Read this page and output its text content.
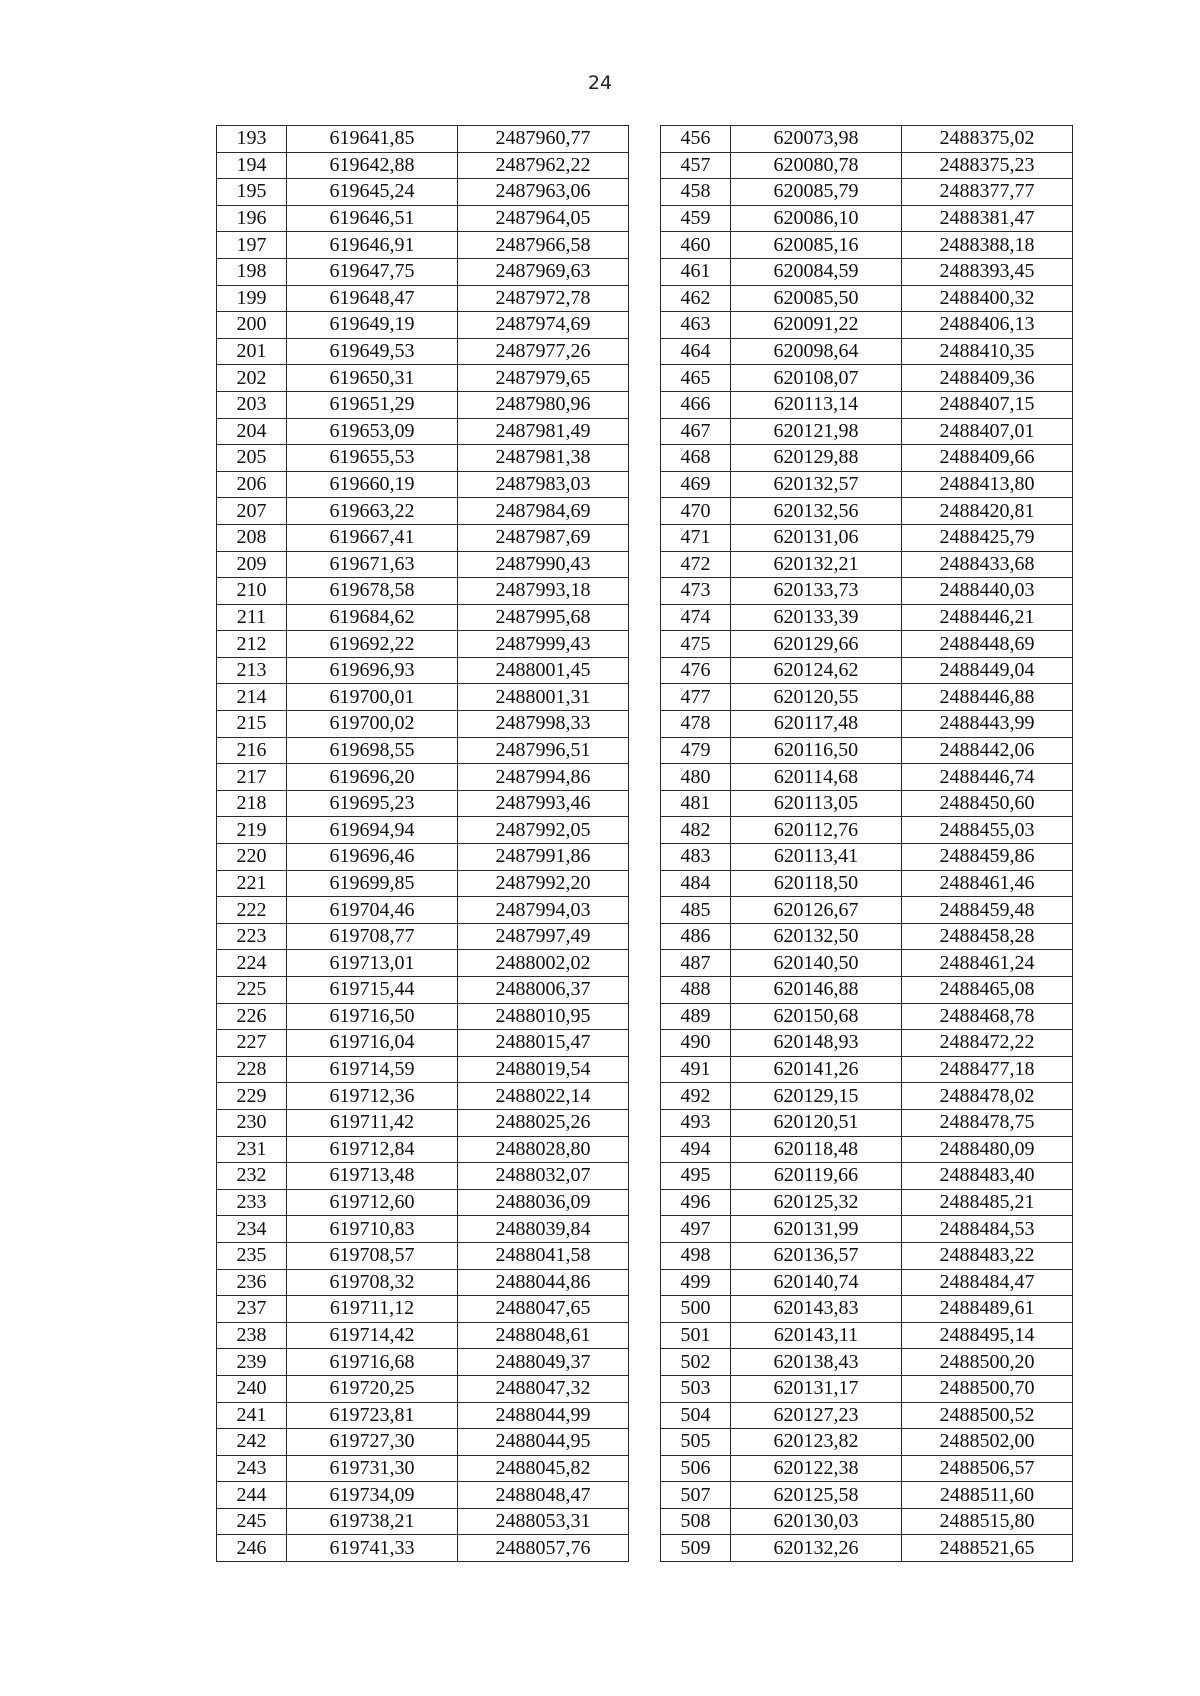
24
193	619641,85	2487960,77		456	620073,98	2488375,02
194	619642,88	2487962,22		457	620080,78	2488375,23
195	619645,24	2487963,06		458	620085,79	2488377,77
196	619646,51	2487964,05		459	620086,10	2488381,47
197	619646,91	2487966,58		460	620085,16	2488388,18
198	619647,75	2487969,63		461	620084,59	2488393,45
199	619648,47	2487972,78		462	620085,50	2488400,32
200	619649,19	2487974,69		463	620091,22	2488406,13
201	619649,53	2487977,26		464	620098,64	2488410,35
202	619650,31	2487979,65		465	620108,07	2488409,36
203	619651,29	2487980,96		466	620113,14	2488407,15
204	619653,09	2487981,49		467	620121,98	2488407,01
205	619655,53	2487981,38		468	620129,88	2488409,66
206	619660,19	2487983,03		469	620132,57	2488413,80
207	619663,22	2487984,69		470	620132,56	2488420,81
208	619667,41	2487987,69		471	620131,06	2488425,79
209	619671,63	2487990,43		472	620132,21	2488433,68
210	619678,58	2487993,18		473	620133,73	2488440,03
211	619684,62	2487995,68		474	620133,39	2488446,21
212	619692,22	2487999,43		475	620129,66	2488448,69
213	619696,93	2488001,45		476	620124,62	2488449,04
214	619700,01	2488001,31		477	620120,55	2488446,88
215	619700,02	2487998,33		478	620117,48	2488443,99
216	619698,55	2487996,51		479	620116,50	2488442,06
217	619696,20	2487994,86		480	620114,68	2488446,74
218	619695,23	2487993,46		481	620113,05	2488450,60
219	619694,94	2487992,05		482	620112,76	2488455,03
220	619696,46	2487991,86		483	620113,41	2488459,86
221	619699,85	2487992,20		484	620118,50	2488461,46
222	619704,46	2487994,03		485	620126,67	2488459,48
223	619708,77	2487997,49		486	620132,50	2488458,28
224	619713,01	2488002,02		487	620140,50	2488461,24
225	619715,44	2488006,37		488	620146,88	2488465,08
226	619716,50	2488010,95		489	620150,68	2488468,78
227	619716,04	2488015,47		490	620148,93	2488472,22
228	619714,59	2488019,54		491	620141,26	2488477,18
229	619712,36	2488022,14		492	620129,15	2488478,02
230	619711,42	2488025,26		493	620120,51	2488478,75
231	619712,84	2488028,80		494	620118,48	2488480,09
232	619713,48	2488032,07		495	620119,66	2488483,40
233	619712,60	2488036,09		496	620125,32	2488485,21
234	619710,83	2488039,84		497	620131,99	2488484,53
235	619708,57	2488041,58		498	620136,57	2488483,22
236	619708,32	2488044,86		499	620140,74	2488484,47
237	619711,12	2488047,65		500	620143,83	2488489,61
238	619714,42	2488048,61		501	620143,11	2488495,14
239	619716,68	2488049,37		502	620138,43	2488500,20
240	619720,25	2488047,32		503	620131,17	2488500,70
241	619723,81	2488044,99		504	620127,23	2488500,52
242	619727,30	2488044,95		505	620123,82	2488502,00
243	619731,30	2488045,82		506	620122,38	2488506,57
244	619734,09	2488048,47		507	620125,58	2488511,60
245	619738,21	2488053,31		508	620130,03	2488515,80
246	619741,33	2488057,76		509	620132,26	2488521,65
